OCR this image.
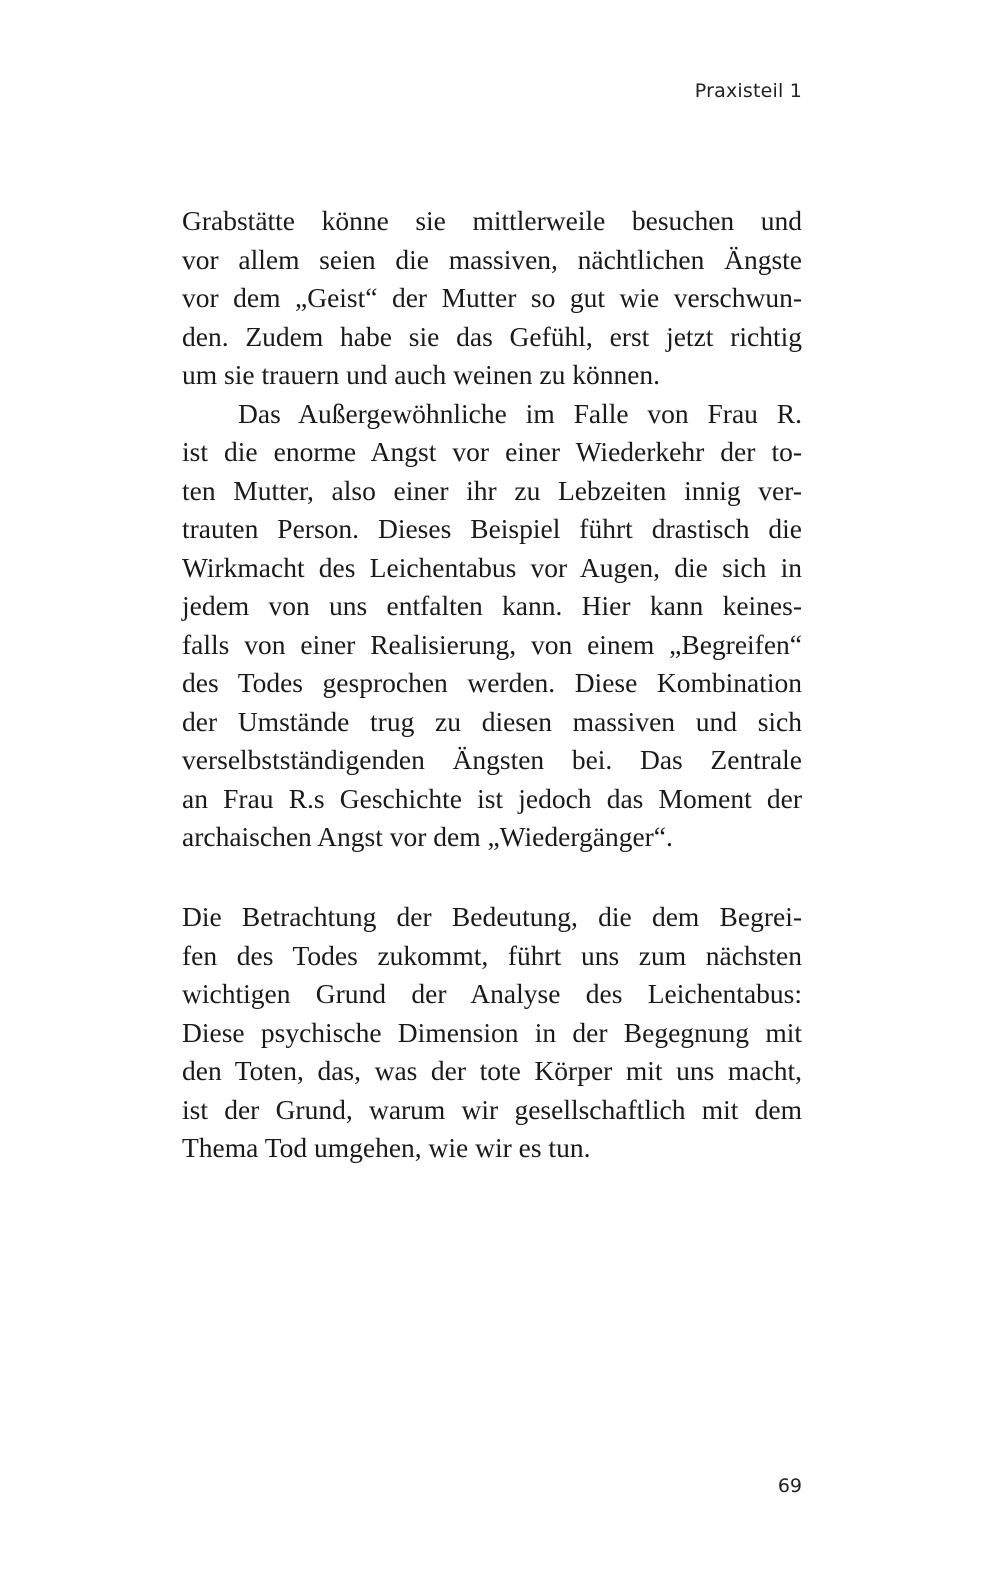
Praxisteil 1
Grabstätte könne sie mittlerweile besuchen und
vor allem seien die massiven, nächtlichen Ängste
vor dem „Geist“ der Mutter so gut wie verschwun-
den. Zudem habe sie das Gefühl, erst jetzt richtig
um sie trauern und auch weinen zu können.
Das Außergewöhnliche im Falle von Frau R.
ist die enorme Angst vor einer Wiederkehr der to-
ten Mutter, also einer ihr zu Lebzeiten innig ver-
trauten Person. Dieses Beispiel führt drastisch die
Wirkmacht des Leichentabus vor Augen, die sich in
jedem von uns entfalten kann. Hier kann keines-
falls von einer Realisierung, von einem „Begreifen“
des Todes gesprochen werden. Diese Kombination
der Umstände trug zu diesen massiven und sich
verselbstständigenden Ängsten bei. Das Zentrale
an Frau R.s Geschichte ist jedoch das Moment der
archaischen Angst vor dem „Wiedergänger“.
Die Betrachtung der Bedeutung, die dem Begrei-
fen des Todes zukommt, führt uns zum nächsten
wichtigen Grund der Analyse des Leichentabus:
Diese psychische Dimension in der Begegnung mit
den Toten, das, was der tote Körper mit uns macht,
ist der Grund, warum wir gesellschaftlich mit dem
Thema Tod umgehen, wie wir es tun.
69
